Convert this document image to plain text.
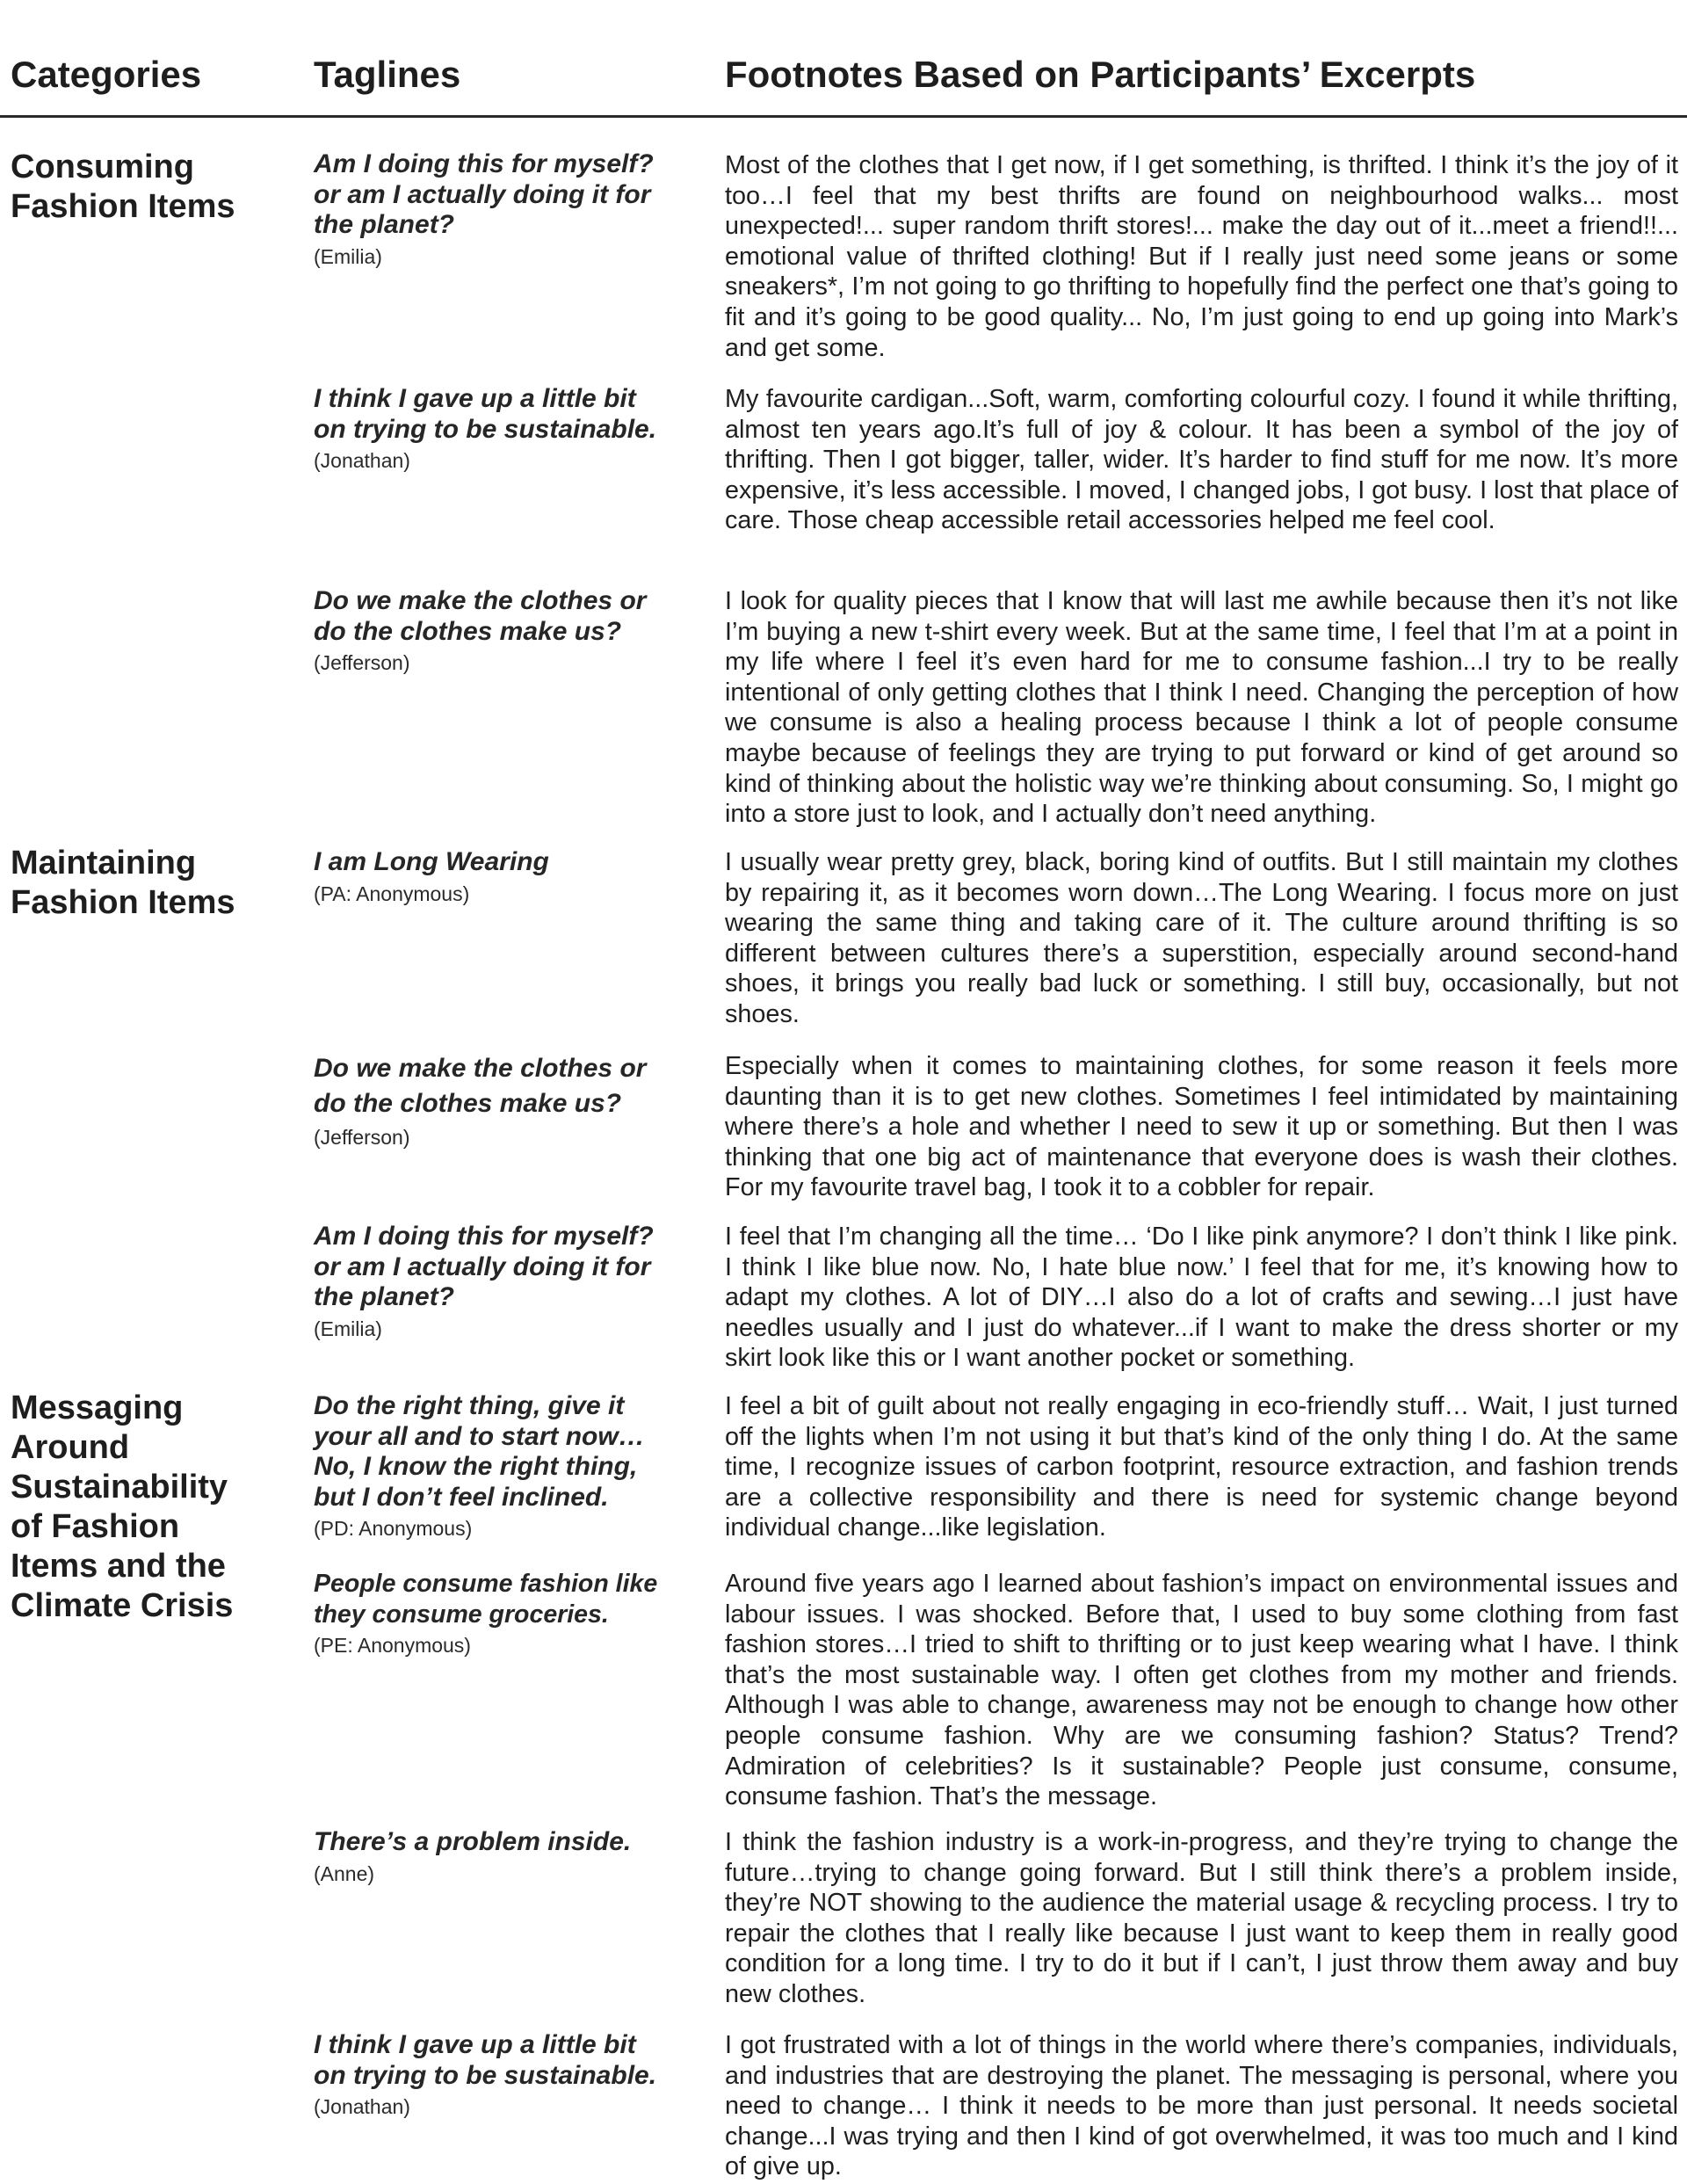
Categories	Taglines	Footnotes Based on Participants’ Excerpts
Consuming Fashion Items
Maintaining Fashion Items
Messaging Around Sustainability of Fashion Items and the Climate Crisis
Am I doing this for myself? or am I actually doing it for the planet?
(Emilia)
Most of the clothes that I get now, if I get something, is thrifted. I think it’s the joy of it too…I feel that my best thrifts are found on neighbourhood walks... most unexpected!... super random thrift stores!... make the day out of it...meet a friend!!... emotional value of thrifted clothing! But if I really just need some jeans or some sneakers*, I’m not going to go thrifting to hopefully find the perfect one that’s going to fit and it’s going to be good quality... No, I’m just going to end up going into Mark’s and get some.
I think I gave up a little bit on trying to be sustainable.
(Jonathan)
My favourite cardigan...Soft, warm, comforting colourful cozy. I found it while thrifting, almost ten years ago.It’s full of joy & colour. It has been a symbol of the joy of thrifting. Then I got bigger, taller, wider. It’s harder to find stuff for me now. It’s more expensive, it’s less accessible. I moved, I changed jobs, I got busy. I lost that place of care. Those cheap accessible retail accessories helped me feel cool.
Do we make the clothes or do the clothes make us?
(Jefferson)
I look for quality pieces that I know that will last me awhile because then it’s not like I’m buying a new t-shirt every week. But at the same time, I feel that I’m at a point in my life where I feel it’s even hard for me to consume fashion...I try to be really intentional of only getting clothes that I think I need. Changing the perception of how we consume is also a healing process because I think a lot of people consume maybe because of feelings they are trying to put forward or kind of get around so kind of thinking about the holistic way we’re thinking about consuming. So, I might go into a store just to look, and I actually don’t need anything.
I am Long Wearing
(PA: Anonymous)
I usually wear pretty grey, black, boring kind of outfits. But I still maintain my clothes by repairing it, as it becomes worn down…The Long Wearing. I focus more on just wearing the same thing and taking care of it. The culture around thrifting is so different between cultures there’s a superstition, especially around second-hand shoes, it brings you really bad luck or something. I still buy, occasionally, but not shoes.
Do we make the clothes or do the clothes make us?
(Jefferson)
Especially when it comes to maintaining clothes, for some reason it feels more daunting than it is to get new clothes. Sometimes I feel intimidated by maintaining where there’s a hole and whether I need to sew it up or something. But then I was thinking that one big act of maintenance that everyone does is wash their clothes. For my favourite travel bag, I took it to a cobbler for repair.
Am I doing this for myself? or am I actually doing it for the planet?
(Emilia)
I feel that I’m changing all the time… ‘Do I like pink anymore? I don’t think I like pink. I think I like blue now. No, I hate blue now.’ I feel that for me, it’s knowing how to adapt my clothes. A lot of DIY…I also do a lot of crafts and sewing…I just have needles usually and I just do whatever...if I want to make the dress shorter or my skirt look like this or I want another pocket or something.
Do the right thing, give it your all and to start now… No, I know the right thing, but I don’t feel inclined.
(PD: Anonymous)
I feel a bit of guilt about not really engaging in eco-friendly stuff… Wait, I just turned off the lights when I’m not using it but that’s kind of the only thing I do. At the same time, I recognize issues of carbon footprint, resource extraction, and fashion trends are a collective responsibility and there is need for systemic change beyond individual change...like legislation.
People consume fashion like they consume groceries.
(PE: Anonymous)
Around five years ago I learned about fashion’s impact on environmental issues and labour issues. I was shocked. Before that, I used to buy some clothing from fast fashion stores…I tried to shift to thrifting or to just keep wearing what I have. I think that’s the most sustainable way. I often get clothes from my mother and friends. Although I was able to change, awareness may not be enough to change how other people consume fashion. Why are we consuming fashion? Status? Trend? Admiration of celebrities? Is it sustainable? People just consume, consume, consume fashion. That’s the message.
There’s a problem inside.
(Anne)
I think the fashion industry is a work-in-progress, and they’re trying to change the future…trying to change going forward. But I still think there’s a problem inside, they’re NOT showing to the audience the material usage & recycling process. I try to repair the clothes that I really like because I just want to keep them in really good condition for a long time. I try to do it but if I can’t, I just throw them away and buy new clothes.
I think I gave up a little bit on trying to be sustainable.
(Jonathan)
I got frustrated with a lot of things in the world where there’s companies, individuals, and industries that are destroying the planet. The messaging is personal, where you need to change… I think it needs to be more than just personal. It needs societal change...I was trying and then I kind of got overwhelmed, it was too much and I kind of give up.
